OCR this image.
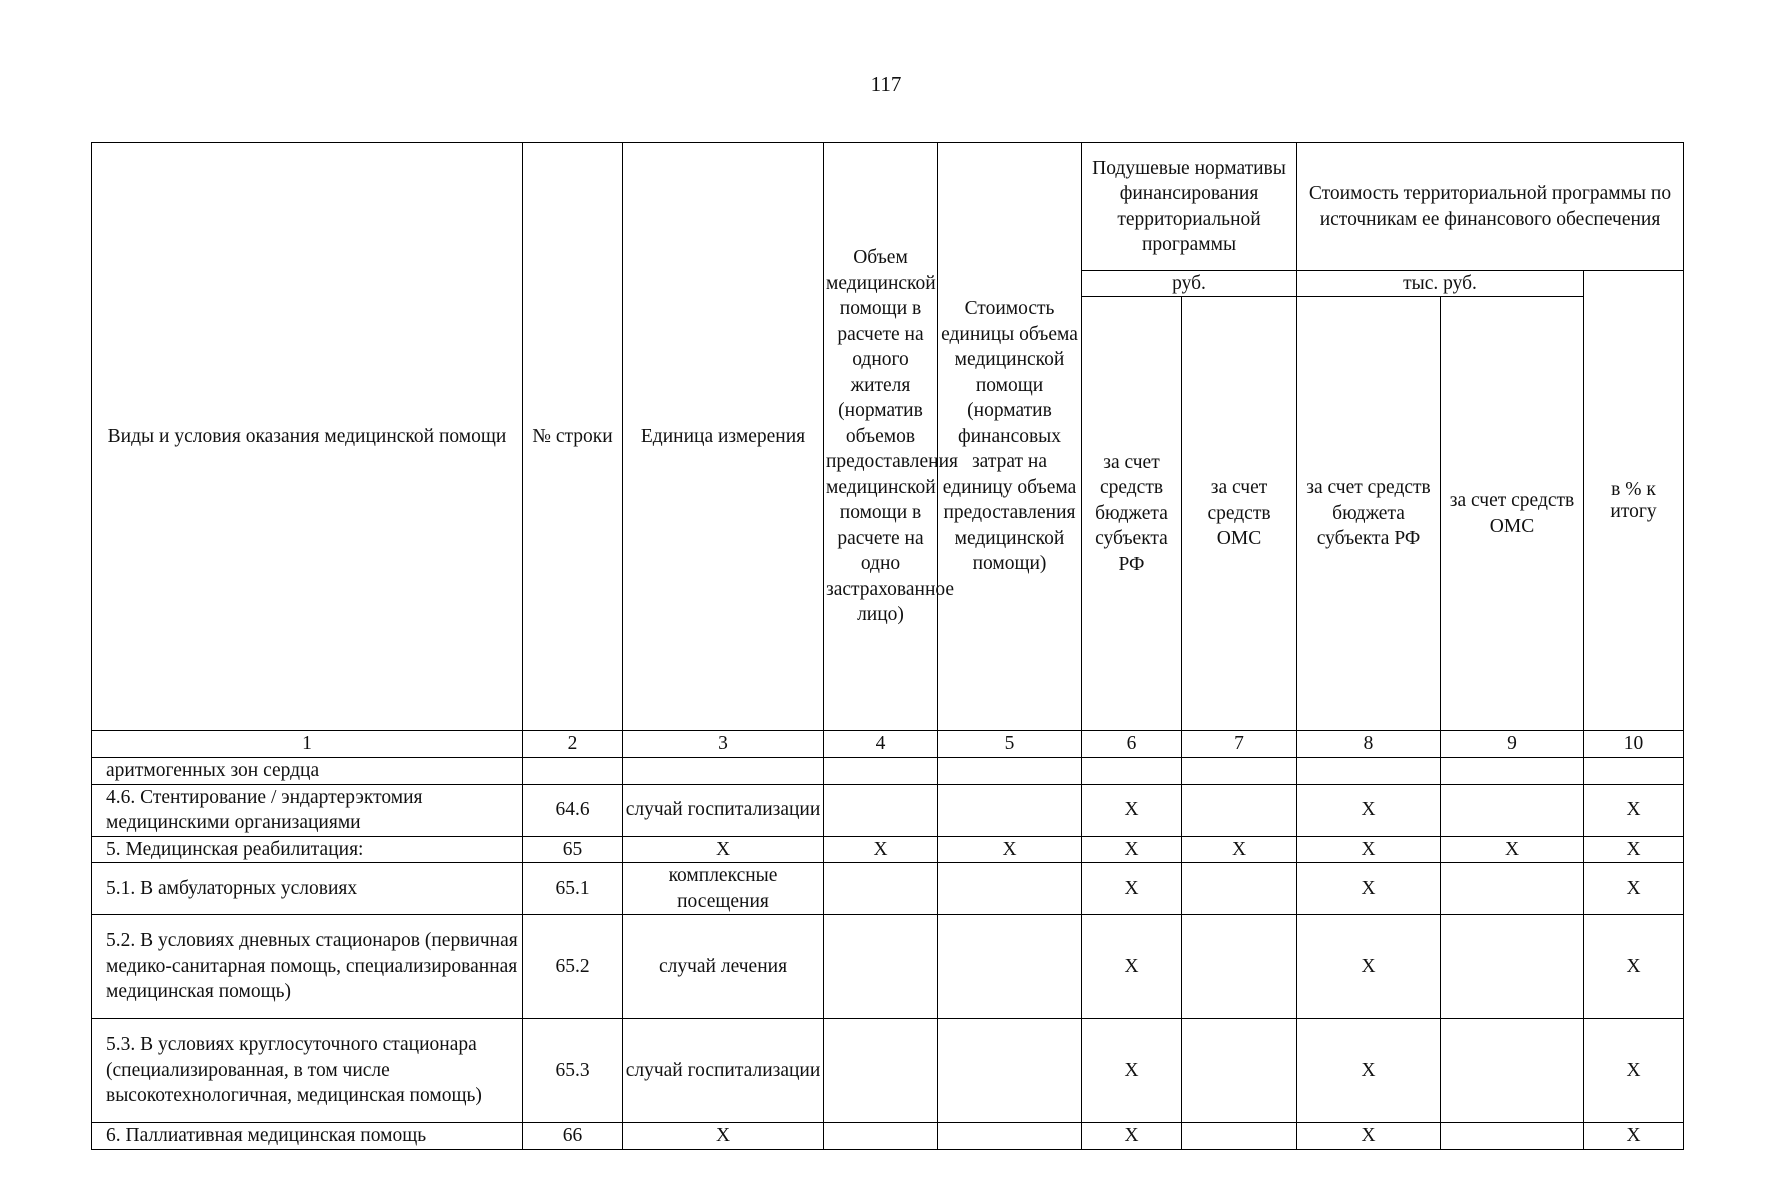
117
Виды и условия оказания медицинской помощи	№ строки	Единица измерения	Объем медицинской помощи в расчете на одного жителя (норматив объемов предоставления медицинской помощи в расчете на одно застрахованное лицо)	Стоимость единицы объема медицинской помощи (норматив финансовых затрат на единицу объема предоставления медицинской помощи)	Подушевые нормативы финансирования территориальной программы		Стоимость территориальной программы по источникам ее финансового обеспечения		
					руб.		тыс. руб.		в % к итогу
					за счет средств бюджета субъекта РФ	за счет средств ОМС	за счет средств бюджета субъекта РФ	за счет средств ОМС	
1	2	3	4	5	6	7	8	9	10
аритмогенных зон сердца									
4.6. Стентирование / эндартерэктомия медицинскими организациями	64.6	случай госпитализации			X		X		X
5. Медицинская реабилитация:	65	X	X	X	X	X	X	X	X
5.1. В амбулаторных условиях	65.1	комплексные посещения			X		X		X
5.2. В условиях дневных стационаров (первичная медико-санитарная помощь, специализированная медицинская помощь)	65.2	случай лечения			X		X		X
5.3. В условиях круглосуточного стационара (специализированная, в том числе высокотехнологичная, медицинская помощь)	65.3	случай госпитализации			X		X		X
6. Паллиативная медицинская помощь	66	X			X		X		X
